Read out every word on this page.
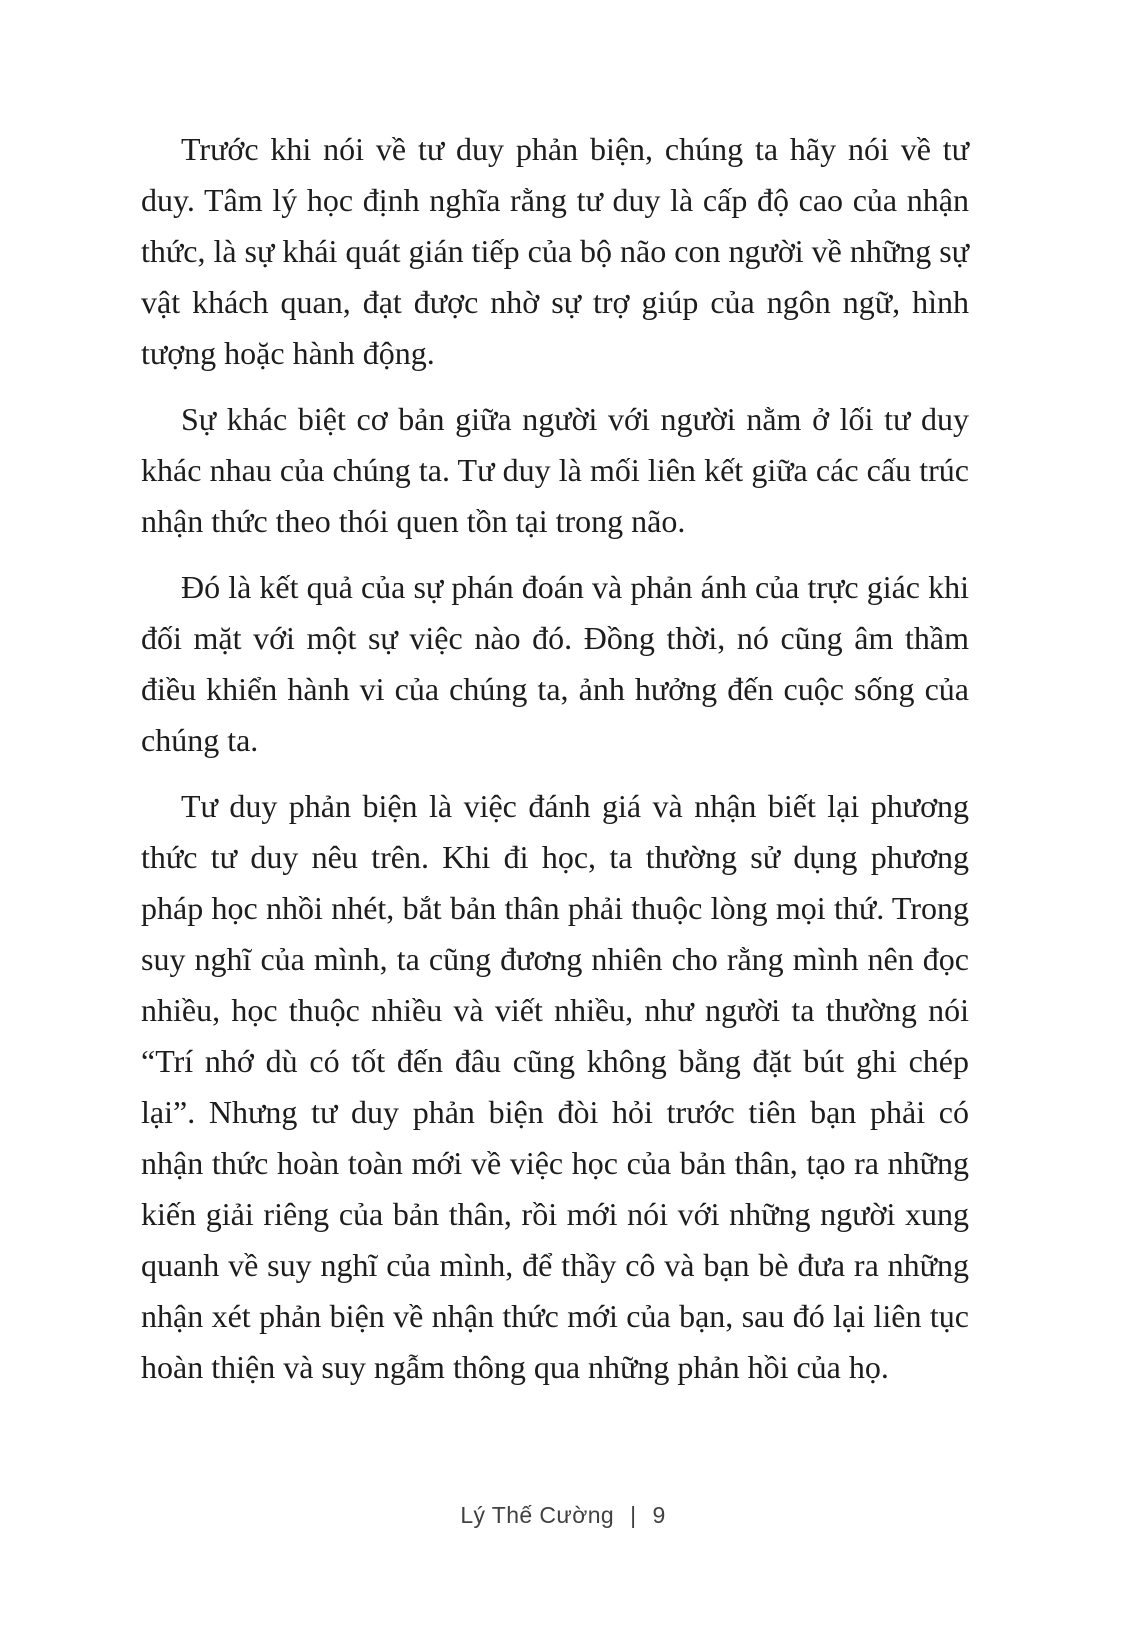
Trước khi nói về tư duy phản biện, chúng ta hãy nói về tư duy. Tâm lý học định nghĩa rằng tư duy là cấp độ cao của nhận thức, là sự khái quát gián tiếp của bộ não con người về những sự vật khách quan, đạt được nhờ sự trợ giúp của ngôn ngữ, hình tượng hoặc hành động.

Sự khác biệt cơ bản giữa người với người nằm ở lối tư duy khác nhau của chúng ta. Tư duy là mối liên kết giữa các cấu trúc nhận thức theo thói quen tồn tại trong não.

Đó là kết quả của sự phán đoán và phản ánh của trực giác khi đối mặt với một sự việc nào đó. Đồng thời, nó cũng âm thầm điều khiển hành vi của chúng ta, ảnh hưởng đến cuộc sống của chúng ta.

Tư duy phản biện là việc đánh giá và nhận biết lại phương thức tư duy nêu trên. Khi đi học, ta thường sử dụng phương pháp học nhồi nhét, bắt bản thân phải thuộc lòng mọi thứ. Trong suy nghĩ của mình, ta cũng đương nhiên cho rằng mình nên đọc nhiều, học thuộc nhiều và viết nhiều, như người ta thường nói “Trí nhớ dù có tốt đến đâu cũng không bằng đặt bút ghi chép lại”. Nhưng tư duy phản biện đòi hỏi trước tiên bạn phải có nhận thức hoàn toàn mới về việc học của bản thân, tạo ra những kiến giải riêng của bản thân, rồi mới nói với những người xung quanh về suy nghĩ của mình, để thầy cô và bạn bè đưa ra những nhận xét phản biện về nhận thức mới của bạn, sau đó lại liên tục hoàn thiện và suy ngẫm thông qua những phản hồi của họ.

Lý Thế Cường | 9
